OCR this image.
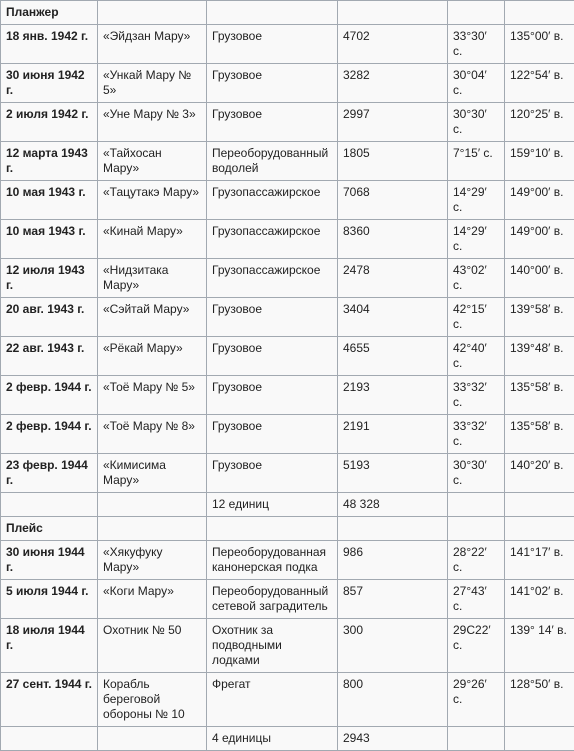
Планжер					
18 янв. 1942 г.	«Эйдзан Мару»	Грузовое	4702	33°30′ с.	135°00′ в.
30 июня 1942 г.	«Ункай Мару № 5»	Грузовое	3282	30°04′ с.	122°54′ в.
2 июля 1942 г.	«Уне Мару № 3»	Грузовое	2997	30°30′ с.	120°25′ в.
12 марта 1943 г.	«Тайхосан Мару»	Переоборудованный водолей	1805	7°15′ с.	159°10′ в.
10 мая 1943 г.	«Тацутакэ Мару»	Грузопассажирское	7068	14°29′ с.	149°00′ в.
10 мая 1943 г.	«Кинай Мару»	Грузопассажирское	8360	14°29′ с.	149°00′ в.
12 июля 1943 г.	«Нидзитака Мару»	Грузопассажирское	2478	43°02′ с.	140°00′ в.
20 авг. 1943 г.	«Сэйтай Мару»	Грузовое	3404	42°15′ с.	139°58′ в.
22 авг. 1943 г.	«Рёкай Мару»	Грузовое	4655	42°40′ с.	139°48′ в.
2 февр. 1944 г.	«Тоё Мару № 5»	Грузовое	2193	33°32′ с.	135°58′ в.
2 февр. 1944 г.	«Тоё Мару № 8»	Грузовое	2191	33°32′ с.	135°58′ в.
23 февр. 1944 г.	«Кимисима Мару»	Грузовое	5193	30°30′ с.	140°20′ в.
		12 единиц	48 328		
Плейс					
30 июня 1944 г.	«Хякуфуку Мару»	Переоборудованная канонерская подка	986	28°22′ с.	141°17′ в.
5 июля 1944 г.	«Коги Мару»	Переоборудованный сетевой заградитель	857	27°43′ с.	141°02′ в.
18 июля 1944 г.	Охотник № 50	Охотник за подводными лодками	300	29С22′ с.	139° 14′ в.
27 сент. 1944 г.	Корабль береговой обороны № 10	Фрегат	800	29°26′ с.	128°50′ в.
		4 единицы	2943		
